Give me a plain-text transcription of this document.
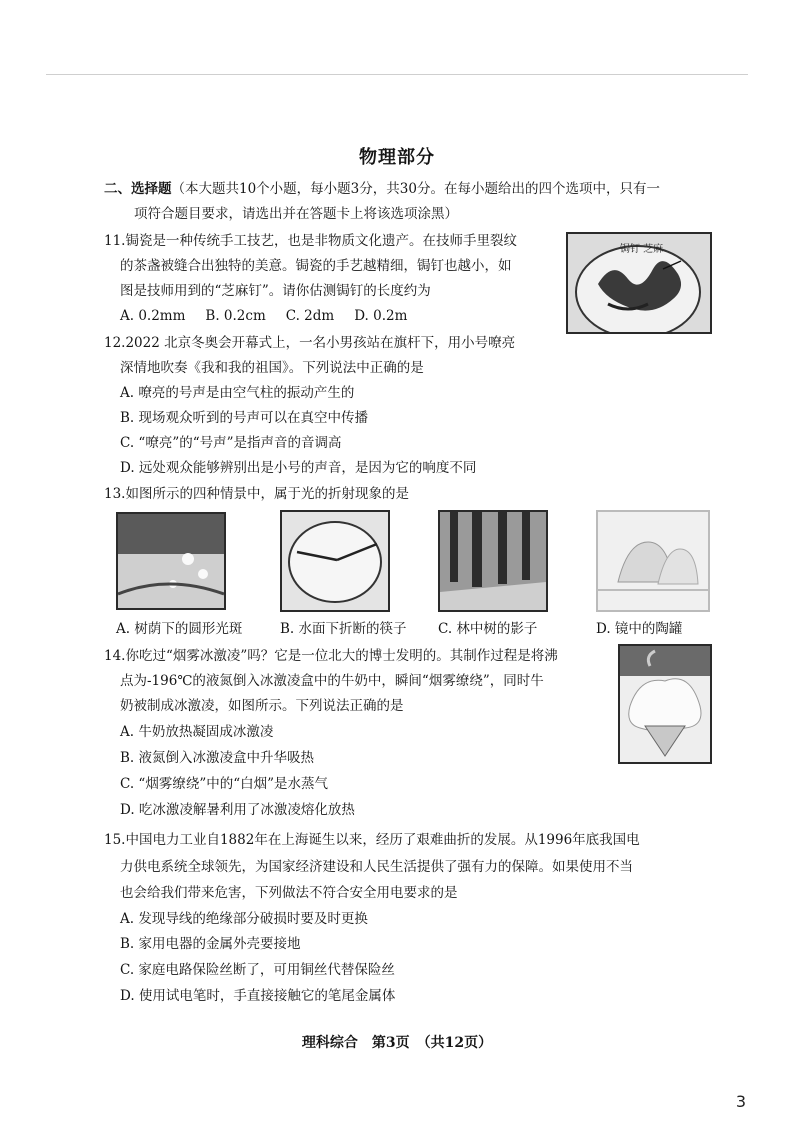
物理部分
二、选择题（本大题共10个小题，每小题3分，共30分。在每小题给出的四个选项中，只有一
项符合题目要求，请选出并在答题卡上将该选项涂黑）
11.锔瓷是一种传统手工技艺，也是非物质文化遗产。在技师手里裂纹
的茶盏被缝合出独特的美意。锔瓷的手艺越精细，锔钉也越小，如
图是技师用到的“芝麻钉”。请你估测锔钉的长度约为
A. 0.2mm B. 0.2cm C. 2dm D. 0.2m
锔钉 芝麻
12.2022 北京冬奥会开幕式上，一名小男孩站在旗杆下，用小号嘹亮
深情地吹奏《我和我的祖国》。下列说法中正确的是
A. 嘹亮的号声是由空气柱的振动产生的
B. 现场观众听到的号声可以在真空中传播
C. “嘹亮”的“号声”是指声音的音调高
D. 远处观众能够辨别出是小号的声音，是因为它的响度不同
13.如图所示的四种情景中，属于光的折射现象的是
A. 树荫下的圆形光斑	B. 水面下折断的筷子 C. 林中树的影子	D. 镜中的陶罐
14.你吃过“烟雾冰激凌”吗？它是一位北大的博士发明的。其制作过程是将沸
点为-196℃的液氮倒入冰激凌盒中的牛奶中，瞬间“烟雾缭绕”，同时牛
奶被制成冰激凌，如图所示。下列说法正确的是
A. 牛奶放热凝固成冰激凌
B. 液氮倒入冰激凌盒中升华吸热
C. “烟雾缭绕”中的“白烟”是水蒸气
D. 吃冰激凌解暑利用了冰激凌熔化放热
15.中国电力工业自1882年在上海诞生以来，经历了艰难曲折的发展。从1996年底我国电
力供电系统全球领先，为国家经济建设和人民生活提供了强有力的保障。如果使用不当
也会给我们带来危害，下列做法不符合安全用电要求的是
A. 发现导线的绝缘部分破损时要及时更换
B. 家用电器的金属外壳要接地
C. 家庭电路保险丝断了，可用铜丝代替保险丝
D. 使用试电笔时，手直接接触它的笔尾金属体
理科综合　第3页　（共12页）
3
